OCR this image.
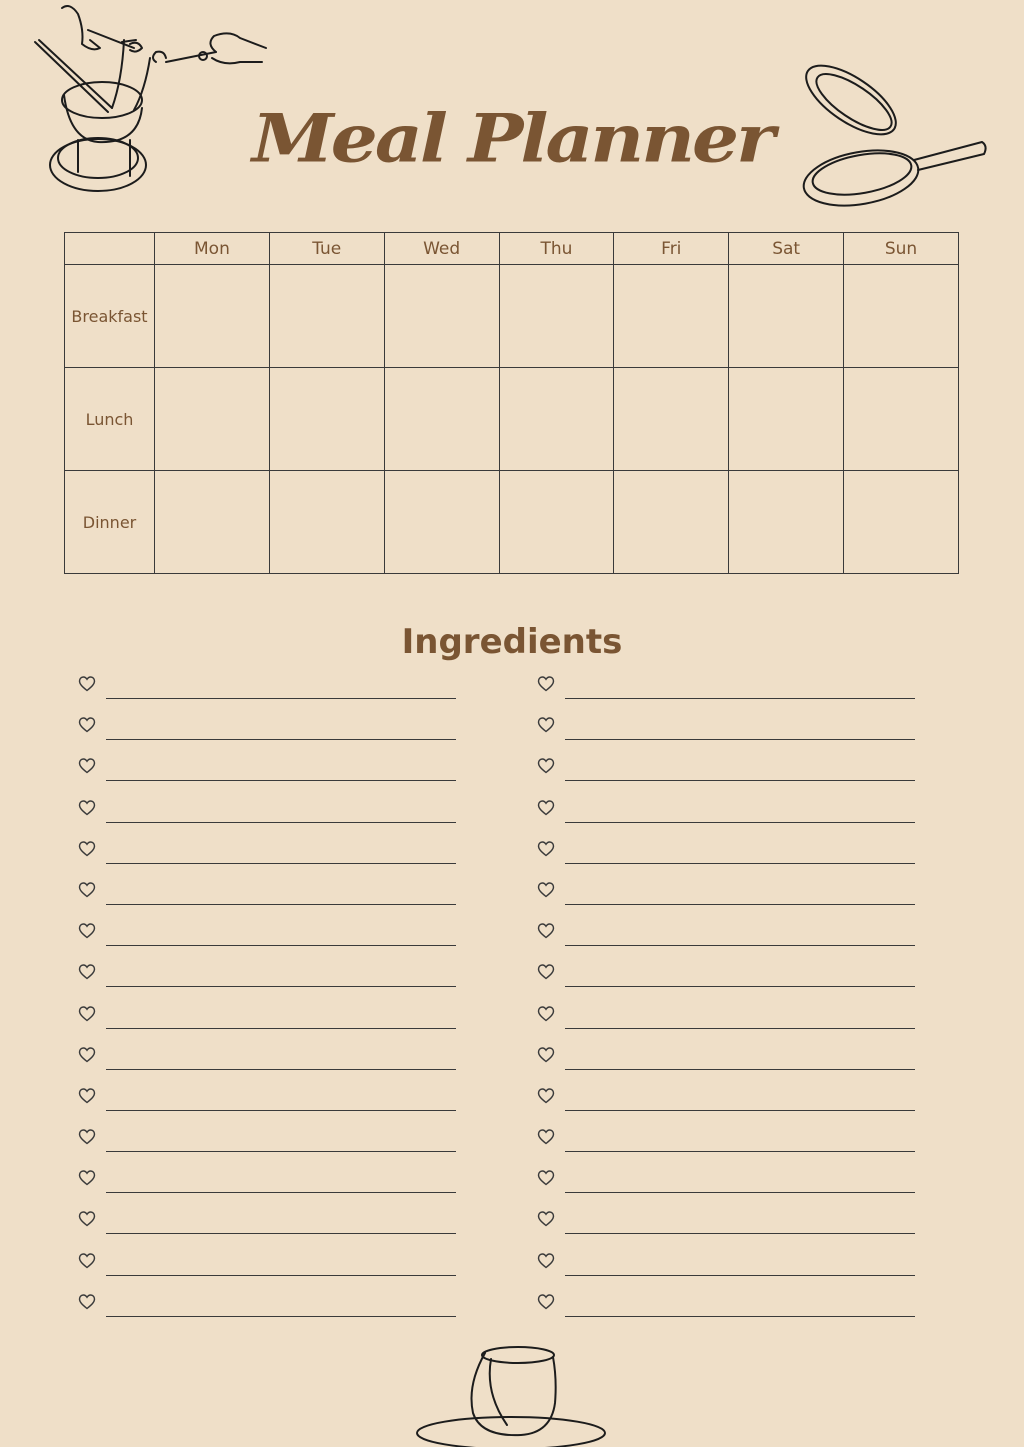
Meal Planner
	Mon	Tue	Wed	Thu	Fri	Sat	Sun
Breakfast							
Lunch							
Dinner							
Ingredients
